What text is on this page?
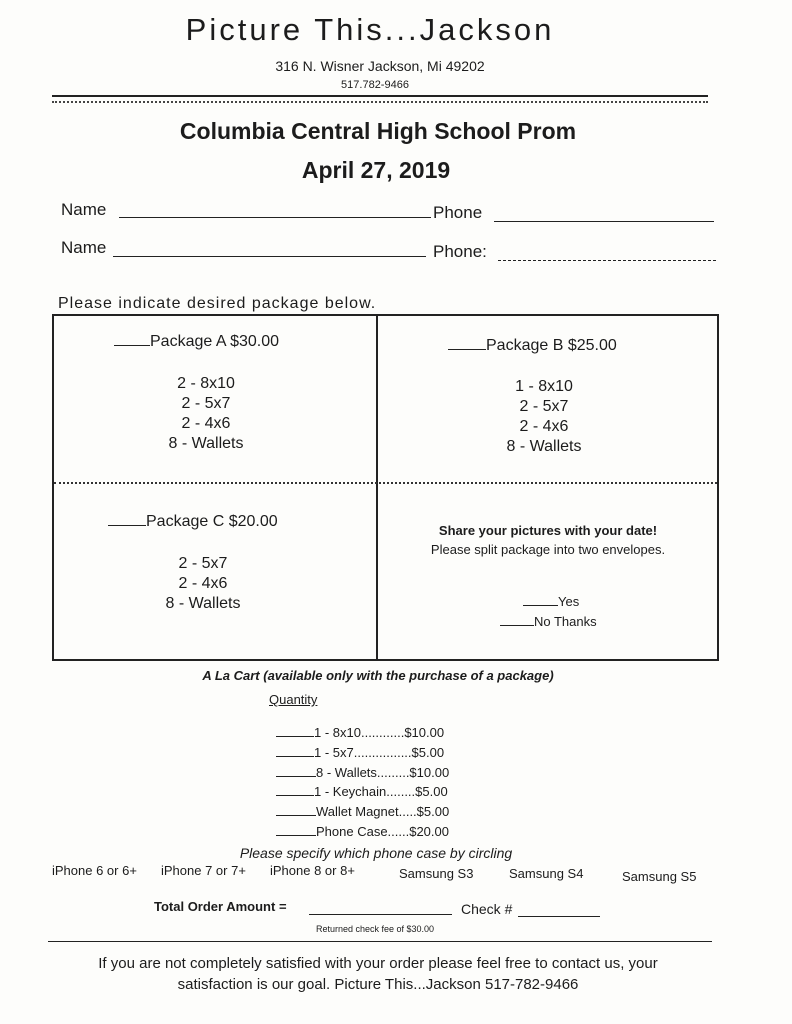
Picture This...Jackson
316 N. Wisner Jackson, Mi 49202
517.782-9466
Columbia Central High School Prom
April 27, 2019
Name	Phone
Name	Phone:
Please indicate desired package below.
Package A $30.00
2 - 8x10
2 - 5x7
2 - 4x6
8 - Wallets
Package B $25.00
1 - 8x10
2 - 5x7
2 - 4x6
8 - Wallets
Package C $20.00
2 - 5x7
2 - 4x6
8 - Wallets
Share your pictures with your date!
Please split package into two envelopes.
Yes
No Thanks
A La Cart (available only with the purchase of a package)
Quantity
1 - 8x10............$10.00
1 - 5x7................$5.00
8 - Wallets.........$10.00
1 - Keychain........$5.00
Wallet Magnet.....$5.00
Phone Case......$20.00
Please specify which phone case by circling
iPhone 6 or 6+ iPhone 7 or 7+ iPhone 8 or 8+	Samsung S3	Samsung S4	Samsung S5
Total Order Amount =	Check #
Returned check fee of $30.00
If you are not completely satisfied with your order please feel free to contact us, your
satisfaction is our goal. Picture This...Jackson 517-782-9466
